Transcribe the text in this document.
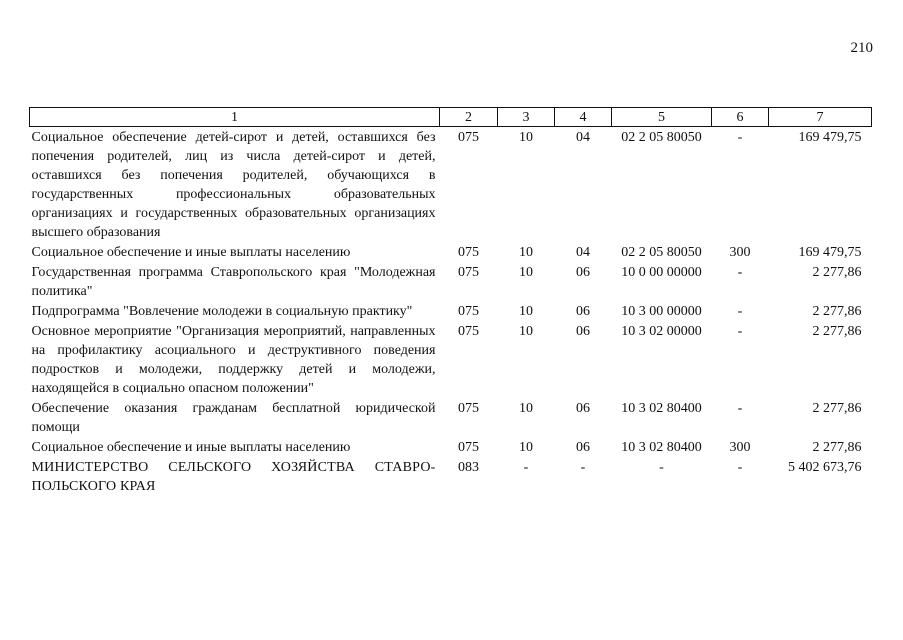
210
1	2	3	4	5	6	7
Социальное обеспечение детей-сирот и детей, оставшихся без попечения родителей, лиц из числа детей-сирот и детей, оставшихся без попечения родителей, обучающихся в государственных профессиональных образовательных организациях и государственных образовательных организациях высшего образования	075	10	04	02 2 05 80050	-	169 479,75
Социальное обеспечение и иные выплаты населению	075	10	04	02 2 05 80050	300	169 479,75
Государственная программа Ставропольского края "Молодежная политика"	075	10	06	10 0 00 00000	-	2 277,86
Подпрограмма "Вовлечение молодежи в социальную практику"	075	10	06	10 3 00 00000	-	2 277,86
Основное мероприятие "Организация мероприятий, направленных на профилактику асоциального и деструктивного поведения подростков и молодежи, поддержку детей и молодежи, находящейся в социально опасном положении"	075	10	06	10 3 02 00000	-	2 277,86
Обеспечение оказания гражданам бесплатной юридической помощи	075	10	06	10 3 02 80400	-	2 277,86
Социальное обеспечение и иные выплаты населению	075	10	06	10 3 02 80400	300	2 277,86
МИНИСТЕРСТВО СЕЛЬСКОГО ХОЗЯЙСТВА СТАВРО-ПОЛЬСКОГО КРАЯ	083	-	-	-	-	5 402 673,76
